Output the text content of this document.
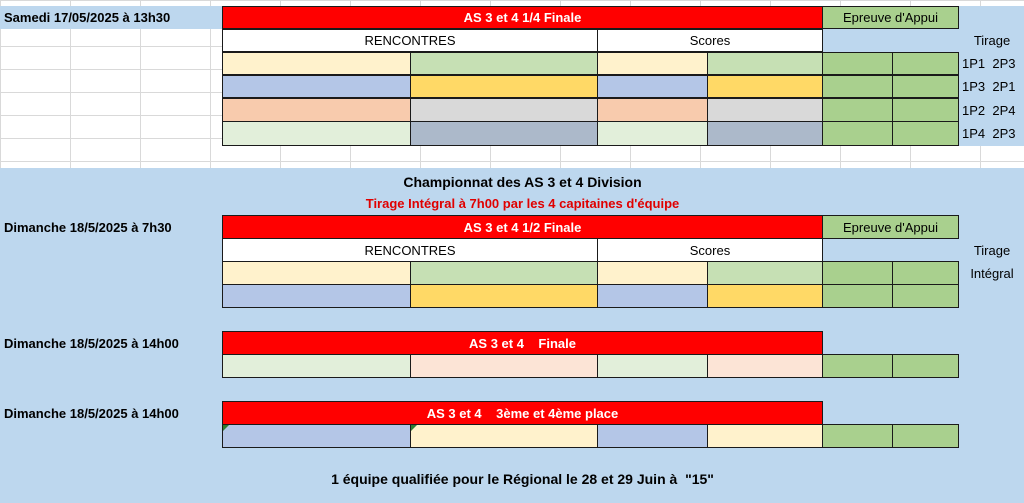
Samedi 17/05/2025 à 13h30	AS 3 et 4 1/4 Finale	Epreuve d'Appui
RENCONTRES	Scores	Tirage
1P1  2P3
1P3  2P1
1P2  2P4
1P4  2P3
Championnat des AS 3 et 4 Division
Tirage Intégral à 7h00 par les 4 capitaines d'équipe
Dimanche 18/5/2025 à 7h30	AS 3 et 4 1/2 Finale	Epreuve d'Appui
RENCONTRES	Scores	Tirage
Intégral
Dimanche 18/5/2025 à 14h00	AS 3 et 4    Finale
Dimanche 18/5/2025 à 14h00	AS 3 et 4    3ème et 4ème place
1 équipe qualifiée pour le Régional le 28 et 29 Juin à  "15"
